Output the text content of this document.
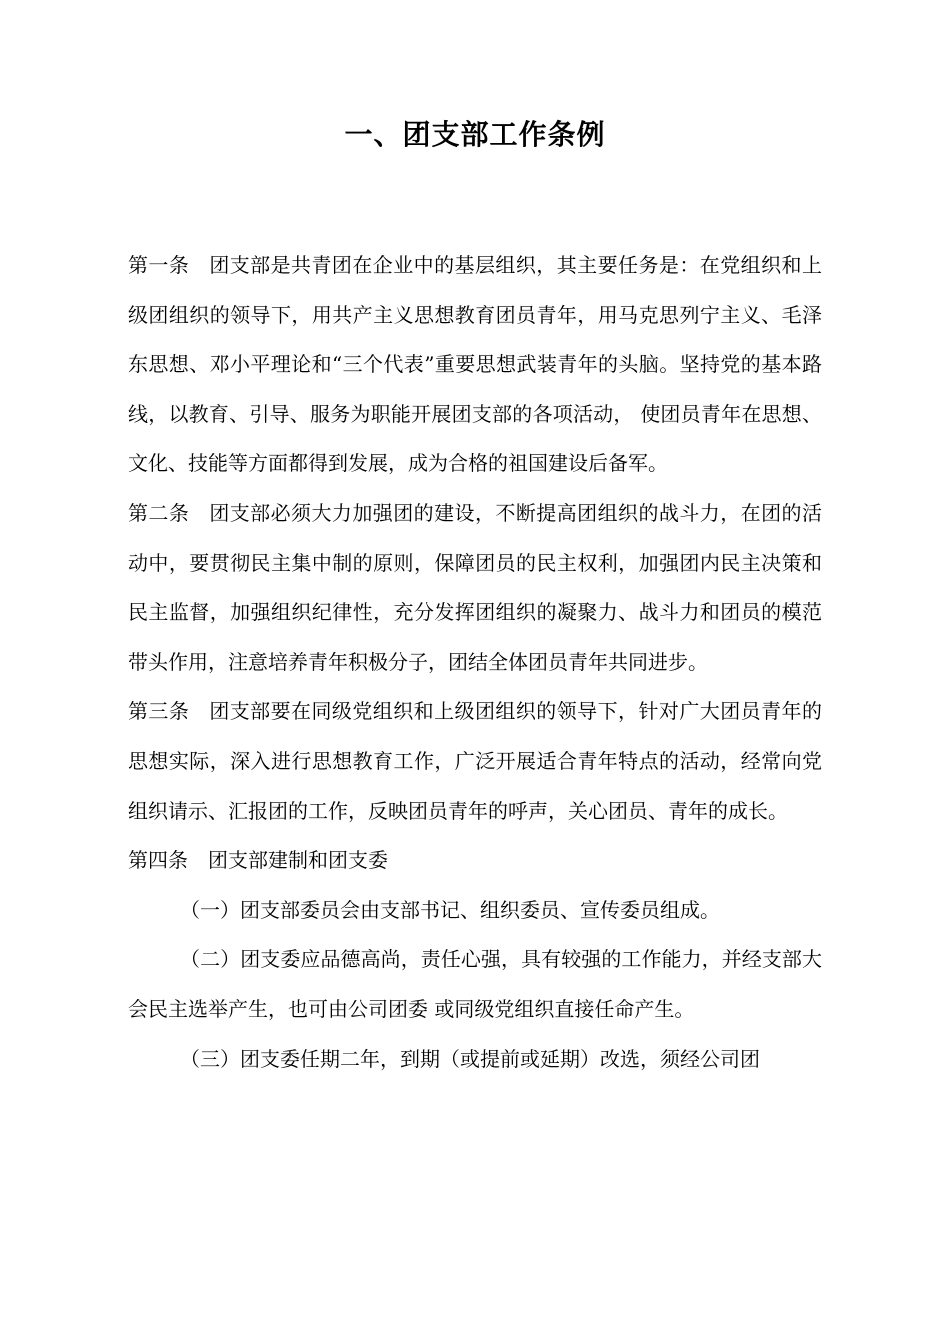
一、团支部工作条例

第一条 团支部是共青团在企业中的基层组织，其主要任务是：在党组织和上级团组织的领导下，用共产主义思想教育团员青年，用马克思列宁主义、毛泽东思想、邓小平理论和“三个代表”重要思想武装青年的头脑。坚持党的基本路线，以教育、引导、服务为职能开展团支部的各项活动， 使团员青年在思想、文化、技能等方面都得到发展，成为合格的祖国建设后备军。

第二条 团支部必须大力加强团的建设，不断提高团组织的战斗力，在团的活动中，要贯彻民主集中制的原则，保障团员的民主权利，加强团内民主决策和民主监督，加强组织纪律性，充分发挥团组织的凝聚力、战斗力和团员的模范带头作用，注意培养青年积极分子，团结全体团员青年共同进步。

第三条 团支部要在同级党组织和上级团组织的领导下，针对广大团员青年的思想实际，深入进行思想教育工作，广泛开展适合青年特点的活动，经常向党组织请示、汇报团的工作，反映团员青年的呼声，关心团员、青年的成长。

第四条 团支部建制和团支委

（一）团支部委员会由支部书记、组织委员、宣传委员组成。

（二）团支委应品德高尚，责任心强，具有较强的工作能力，并经支部大会民主选举产生，也可由公司团委 或同级党组织直接任命产生。

（三）团支委任期二年，到期（或提前或延期）改选，须经公司团
